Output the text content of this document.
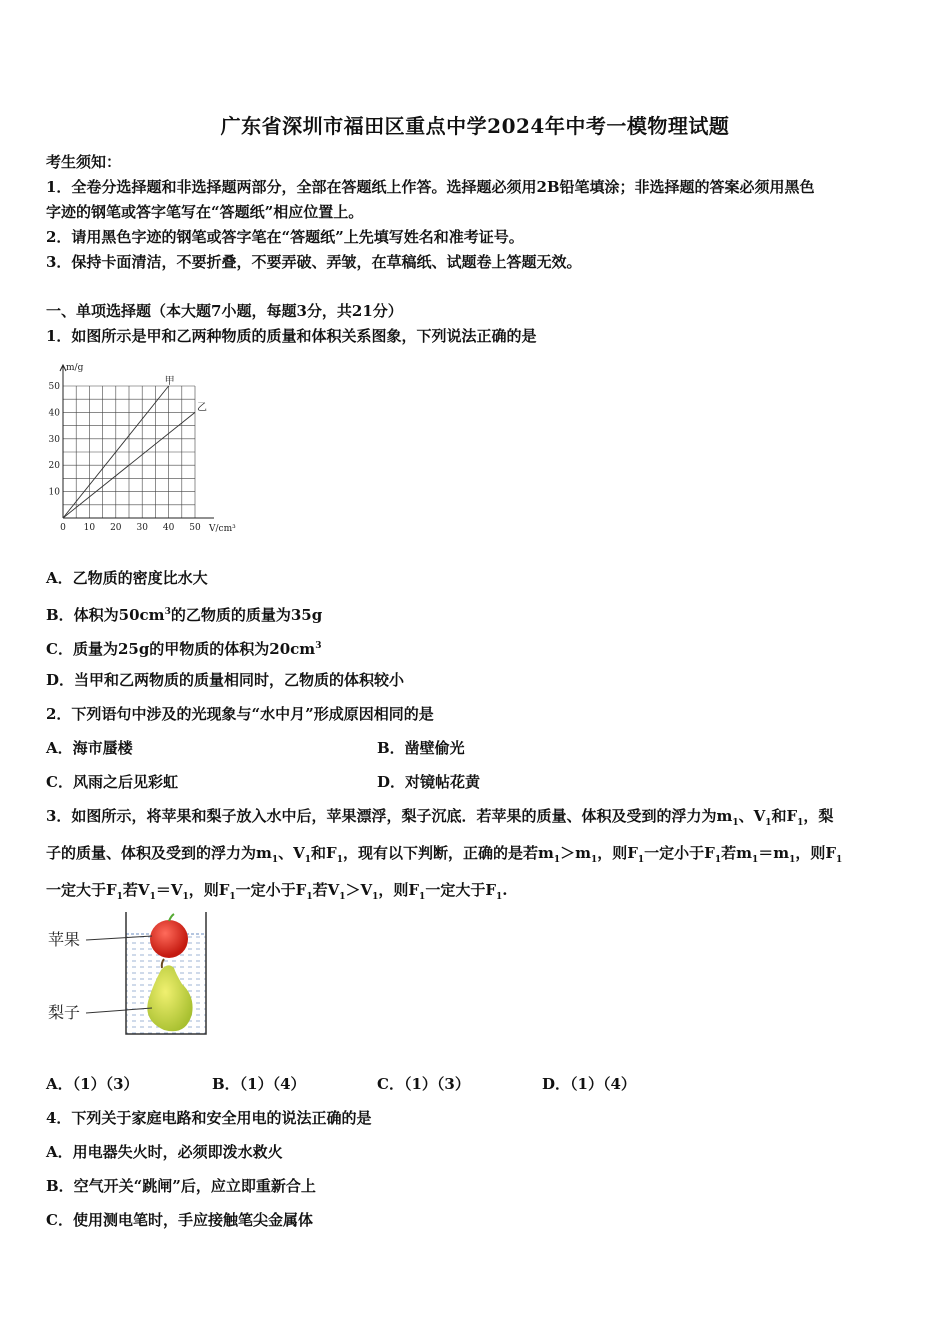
广东省深圳市福田区重点中学2024年中考一模物理试题
考生须知：
1．全卷分选择题和非选择题两部分，全部在答题纸上作答。选择题必须用2B铅笔填涂；非选择题的答案必须用黑色
字迹的钢笔或答字笔写在“答题纸”相应位置上。
2．请用黑色字迹的钢笔或答字笔在“答题纸”上先填写姓名和准考证号。
3．保持卡面清洁，不要折叠，不要弄破、弄皱，在草稿纸、试题卷上答题无效。
一、单项选择题（本大题7小题，每题3分，共21分）
1．如图所示是甲和乙两种物质的质量和体积关系图象，下列说法正确的是
0 10 20 30 40 50
10
20
30
40
50	甲
乙
m/g
V/cm³
A．乙物质的密度比水大
B．体积为$50cm^3$的乙物质的质量为35g
C．质量为25g的甲物质的体积为$20cm^3$
D．当甲和乙两物质的质量相同时，乙物质的体积较小
2．下列语句中涉及的光现象与“水中月”形成原因相同的是
A．海市蜃楼	B．凿壁偷光
C．风雨之后见彩虹	D．对镜帖花黄
3．如图所示，将苹果和梨子放入水中后，苹果漂浮，梨子沉底．若苹果的质量、体积及受到的浮力为$m_1$、$V_1$和$F_1$，梨
子的质量、体积及受到的浮力为$m_1$、$V_1$和$F_1$，现有以下判断，正确的是若$m_1>m_1$，则$F_1$一定小于$F_1$若$m_1=m_1$，则$F_1$
一定大于$F_1$若$V_1=V_1$，则$F_1$一定小于$F_1$若$V_1>V_1$，则$F_1$一定大于$F_1$.
苹果
梨子
A．（1）（3）	B．（1）（4）	C．（1）（3）	D．（1）（4）
4．下列关于家庭电路和安全用电的说法正确的是
A．用电器失火时，必须即泼水救火
B．空气开关“跳闸”后，应立即重新合上
C．使用测电笔时，手应接触笔尖金属体
